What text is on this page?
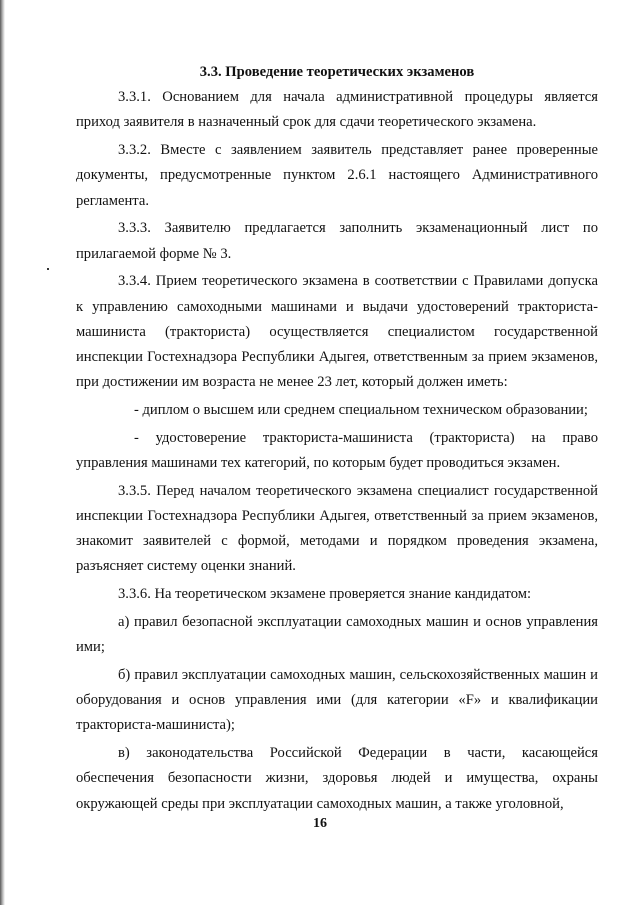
3.3. Проведение теоретических экзаменов

3.3.1. Основанием для начала административной процедуры является приход заявителя в назначенный срок для сдачи теоретического экзамена.

3.3.2. Вместе с заявлением заявитель представляет ранее проверенные документы, предусмотренные пунктом 2.6.1 настоящего Административного регламента.

3.3.3. Заявителю предлагается заполнить экзаменационный лист по прилагаемой форме № 3.

3.3.4. Прием теоретического экзамена в соответствии с Правилами допуска к управлению самоходными машинами и выдачи удостоверений тракториста-машиниста (тракториста) осуществляется специалистом государственной инспекции Гостехнадзора Республики Адыгея, ответственным за прием экзаменов, при достижении им возраста не менее 23 лет, который должен иметь:

- диплом о высшем или среднем специальном техническом образовании;

- удостоверение тракториста-машиниста (тракториста) на право управления машинами тех категорий, по которым будет проводиться экзамен.

3.3.5. Перед началом теоретического экзамена специалист государственной инспекции Гостехнадзора Республики Адыгея, ответственный за прием экзаменов, знакомит заявителей с формой, методами и порядком проведения экзамена, разъясняет систему оценки знаний.

3.3.6. На теоретическом экзамене проверяется знание кандидатом:

а) правил безопасной эксплуатации самоходных машин и основ управления ими;

б) правил эксплуатации самоходных машин, сельскохозяйственных машин и оборудования и основ управления ими (для категории «F» и квалификации тракториста-машиниста);

в) законодательства Российской Федерации в части, касающейся обеспечения безопасности жизни, здоровья людей и имущества, охраны окружающей среды при эксплуатации самоходных машин, а также уголовной,

16
